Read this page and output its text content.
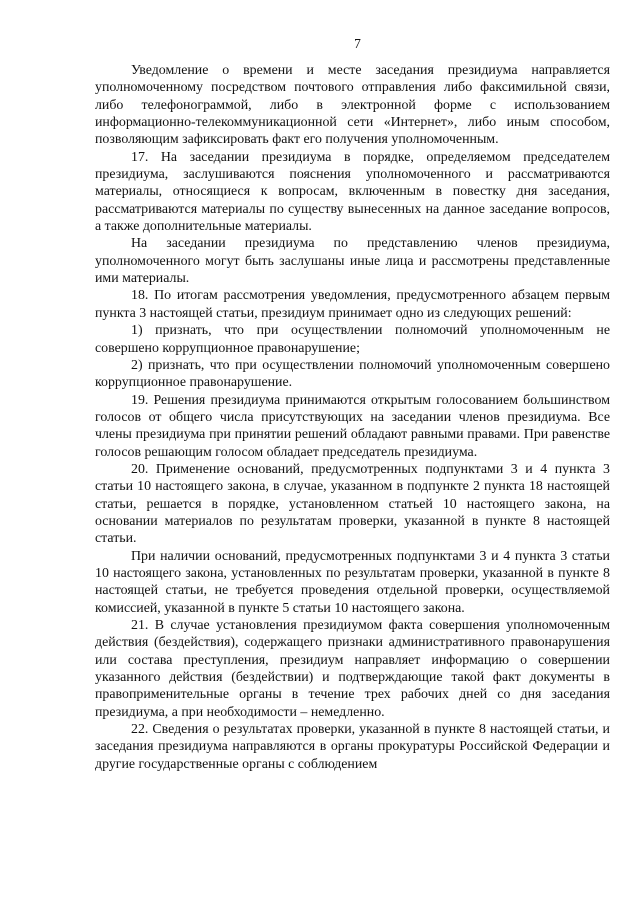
7

Уведомление о времени и месте заседания президиума направляется уполномоченному посредством почтового отправления либо факсимильной связи, либо телефонограммой, либо в электронной форме с использованием информационно-телекоммуникационной сети «Интернет», либо иным способом, позволяющим зафиксировать факт его получения уполномоченным.

17. На заседании президиума в порядке, определяемом председателем президиума, заслушиваются пояснения уполномоченного и рассматриваются материалы, относящиеся к вопросам, включенным в повестку дня заседания, рассматриваются материалы по существу вынесенных на данное заседание вопросов, а также дополнительные материалы.

На заседании президиума по представлению членов президиума, уполномоченного могут быть заслушаны иные лица и рассмотрены представленные ими материалы.

18. По итогам рассмотрения уведомления, предусмотренного абзацем первым пункта 3 настоящей статьи, президиум принимает одно из следующих решений:

1) признать, что при осуществлении полномочий уполномоченным не совершено коррупционное правонарушение;

2) признать, что при осуществлении полномочий уполномоченным совершено коррупционное правонарушение.

19. Решения президиума принимаются открытым голосованием большинством голосов от общего числа присутствующих на заседании членов президиума. Все члены президиума при принятии решений обладают равными правами. При равенстве голосов решающим голосом обладает председатель президиума.

20. Применение оснований, предусмотренных подпунктами 3 и 4 пункта 3 статьи 10 настоящего закона, в случае, указанном в подпункте 2 пункта 18 настоящей статьи, решается в порядке, установленном статьей 10 настоящего закона, на основании материалов по результатам проверки, указанной в пункте 8 настоящей статьи.

При наличии оснований, предусмотренных подпунктами 3 и 4 пункта 3 статьи 10 настоящего закона, установленных по результатам проверки, указанной в пункте 8 настоящей статьи, не требуется проведения отдельной проверки, осуществляемой комиссией, указанной в пункте 5 статьи 10 настоящего закона.

21. В случае установления президиумом факта совершения уполномоченным действия (бездействия), содержащего признаки административного правонарушения или состава преступления, президиум направляет информацию о совершении указанного действия (бездействии) и подтверждающие такой факт документы в правоприменительные органы в течение трех рабочих дней со дня заседания президиума, а при необходимости – немедленно.

22. Сведения о результатах проверки, указанной в пункте 8 настоящей статьи, и заседания президиума направляются в органы прокуратуры Российской Федерации и другие государственные органы с соблюдением
